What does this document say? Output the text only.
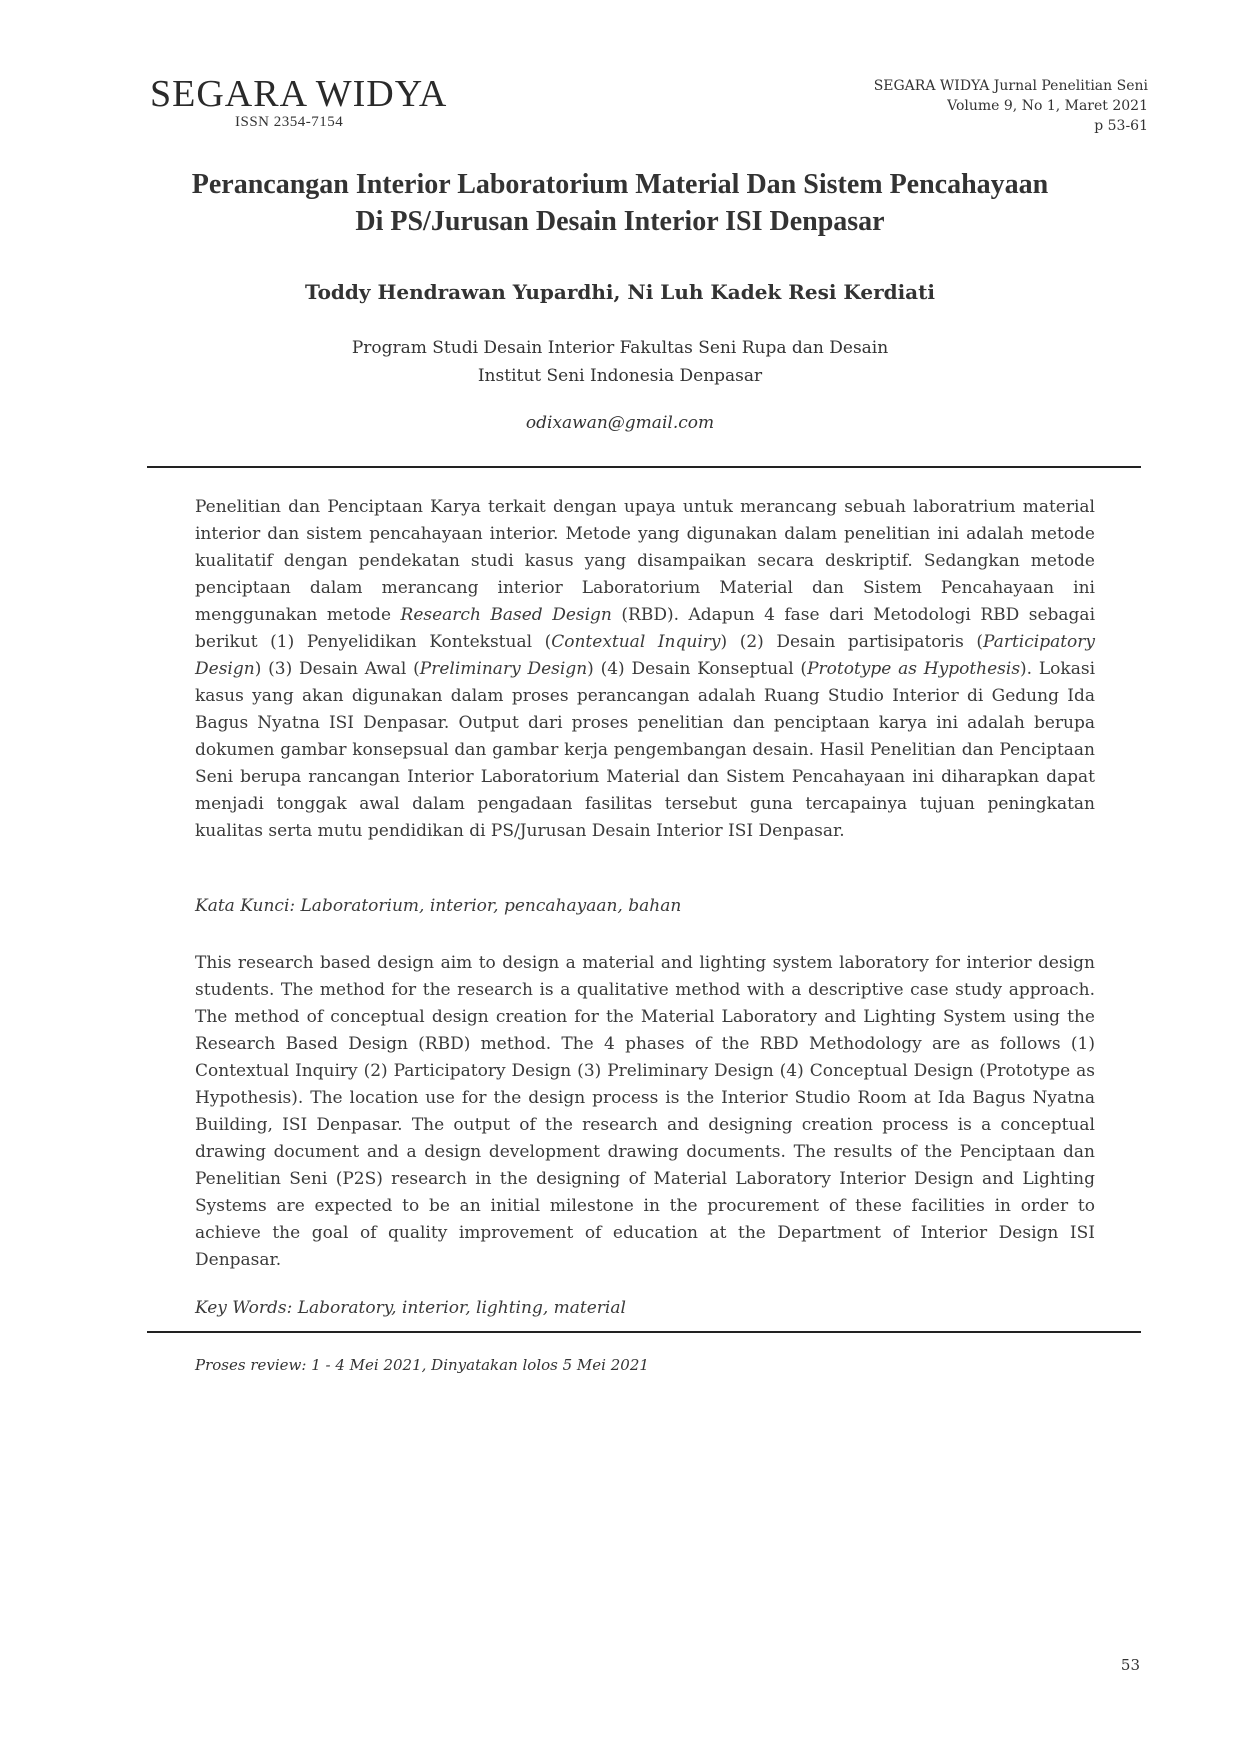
SEGARA WIDYA
ISSN 2354-7154
SEGARA WIDYA Jurnal Penelitian Seni
Volume 9, No 1, Maret 2021
p 53-61
Perancangan Interior Laboratorium Material Dan Sistem Pencahayaan
Di PS/Jurusan Desain Interior ISI Denpasar
Toddy Hendrawan Yupardhi, Ni Luh Kadek Resi Kerdiati
Program Studi Desain Interior Fakultas Seni Rupa dan Desain
Institut Seni Indonesia Denpasar
odixawan@gmail.com
Penelitian dan Penciptaan Karya terkait dengan upaya untuk merancang sebuah laboratrium material interior dan sistem pencahayaan interior. Metode yang digunakan dalam penelitian ini adalah metode kualitatif dengan pendekatan studi kasus yang disampaikan secara deskriptif. Sedangkan metode penciptaan dalam merancang interior Laboratorium Material dan Sistem Pencahayaan ini menggunakan metode Research Based Design (RBD). Adapun 4 fase dari Metodologi RBD sebagai berikut (1) Penyelidikan Kontekstual (Contextual Inquiry) (2) Desain partisipatoris (Participatory Design) (3) Desain Awal (Preliminary Design) (4) Desain Konseptual (Prototype as Hypothesis). Lokasi kasus yang akan digunakan dalam proses perancangan adalah Ruang Studio Interior di Gedung Ida Bagus Nyatna ISI Denpasar. Output dari proses penelitian dan penciptaan karya ini adalah berupa dokumen gambar konsepsual dan gambar kerja pengembangan desain. Hasil Penelitian dan Penciptaan Seni berupa rancangan Interior Laboratorium Material dan Sistem Pencahayaan ini diharapkan dapat menjadi tonggak awal dalam pengadaan fasilitas tersebut guna tercapainya tujuan peningkatan kualitas serta mutu pendidikan di PS/Jurusan Desain Interior ISI Denpasar.
Kata Kunci: Laboratorium, interior, pencahayaan, bahan
This research based design aim to design a material and lighting system laboratory for interior design students. The method for the research is a qualitative method with a descriptive case study approach. The method of conceptual design creation for the Material Laboratory and Lighting System using the Research Based Design (RBD) method. The 4 phases of the RBD Methodology are as follows (1) Contextual Inquiry (2) Participatory Design (3) Preliminary Design (4) Conceptual Design (Prototype as Hypothesis). The location use for the design process is the Interior Studio Room at Ida Bagus Nyatna Building, ISI Denpasar. The output of the research and designing creation process is a conceptual drawing document and a design development drawing documents. The results of the Penciptaan dan Penelitian Seni (P2S) research in the designing of Material Laboratory Interior Design and Lighting Systems are expected to be an initial milestone in the procurement of these facilities in order to achieve the goal of quality improvement of education at the Department of Interior Design ISI Denpasar.
Key Words: Laboratory, interior, lighting, material
Proses review: 1 - 4 Mei 2021, Dinyatakan lolos 5 Mei 2021
53
